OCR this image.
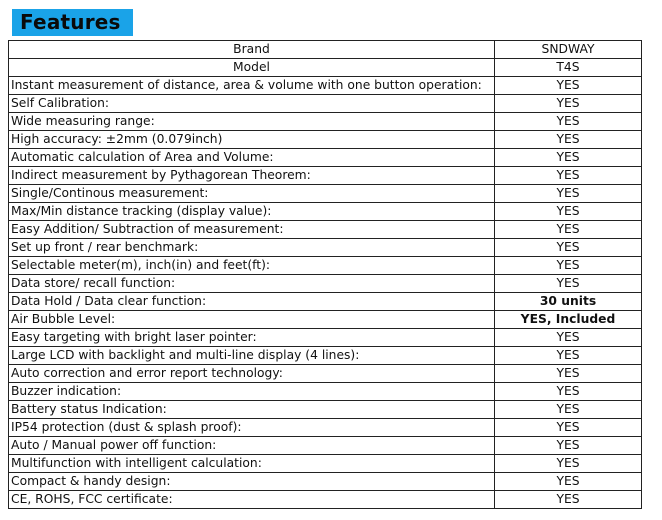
Features
Brand	SNDWAY
Model	T4S
Instant measurement of distance, area & volume with one button operation:	YES
Self Calibration:	YES
Wide measuring range:	YES
High accuracy: ±2mm (0.079inch)	YES
Automatic calculation of Area and Volume:	YES
Indirect measurement by Pythagorean Theorem:	YES
Single/Continous measurement:	YES
Max/Min distance tracking (display value):	YES
Easy Addition/ Subtraction of measurement:	YES
Set up front / rear benchmark:	YES
Selectable meter(m), inch(in) and feet(ft):	YES
Data store/ recall function:	YES
Data Hold / Data clear function:	30 units
Air Bubble Level:	YES, Included
Easy targeting with bright laser pointer:	YES
Large LCD with backlight and multi-line display (4 lines):	YES
Auto correction and error report technology:	YES
Buzzer indication:	YES
Battery status Indication:	YES
IP54 protection (dust & splash proof):	YES
Auto / Manual power off function:	YES
Multifunction with intelligent calculation:	YES
Compact & handy design:	YES
CE, ROHS, FCC certificate:	YES
